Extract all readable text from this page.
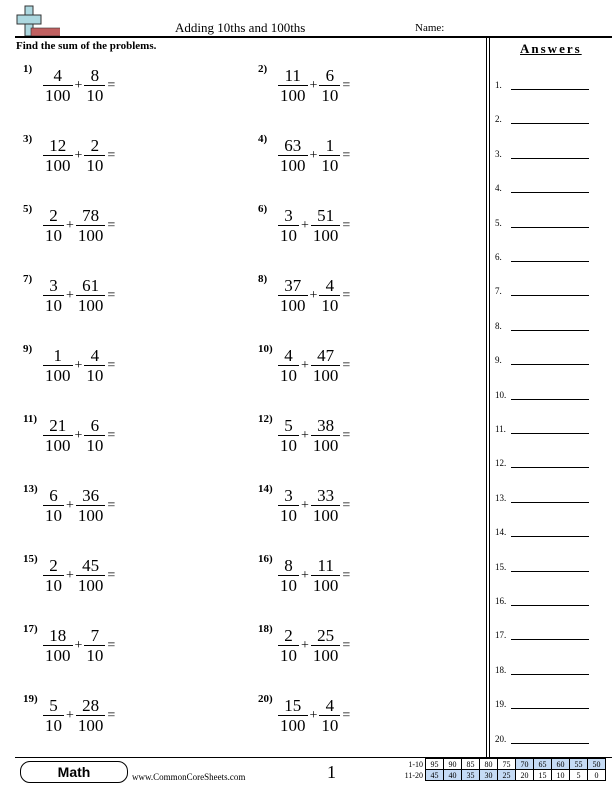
Adding 10ths and 100ths	Name:
Find the sum of the problems.	Answers
$1) \frac{4}{100} + \frac{8}{10}$ =
$2) \frac{11}{100} + \frac{6}{10}$ =
$3) \frac{12}{100} + \frac{2}{10}$ =
$4) \frac{63}{100} + \frac{1}{10}$ =
$5) \frac{2}{10} + \frac{78}{100}$ =
$6) \frac{3}{10} + \frac{51}{100}$ =
$7) \frac{3}{10} + \frac{61}{100}$ =
$8) \frac{37}{100} + \frac{4}{10}$ =
$9) \frac{1}{100} + \frac{4}{10}$ =
$10) \frac{4}{10} + \frac{47}{100}$ =
$11) \frac{21}{100} + \frac{6}{10}$ =
$12) \frac{5}{10} + \frac{38}{100}$ =
$13) \frac{6}{10} + \frac{36}{100}$ =
$14) \frac{3}{10} + \frac{33}{100}$ =
$15) \frac{2}{10} + \frac{45}{100}$ =
$16) \frac{8}{10} + \frac{11}{100}$ =
$17) \frac{18}{100} + \frac{7}{10}$ =
$18) \frac{2}{10} + \frac{25}{100}$ =
$19) \frac{5}{10} + \frac{28}{100}$ =
$20) \frac{15}{100} + \frac{4}{10}$ =
1.
2.
3.
4.
5.
6.
7.
8.
9.
10.
11.
12.
13.
14.
15.
16.
17.
18.
19.
20.
Math	www.CommonCoreSheets.com	1	1-10	95	90	85	80	75	70	65	60	55	50
11-20	45	40	35	30	25	20	15	10	5	0
